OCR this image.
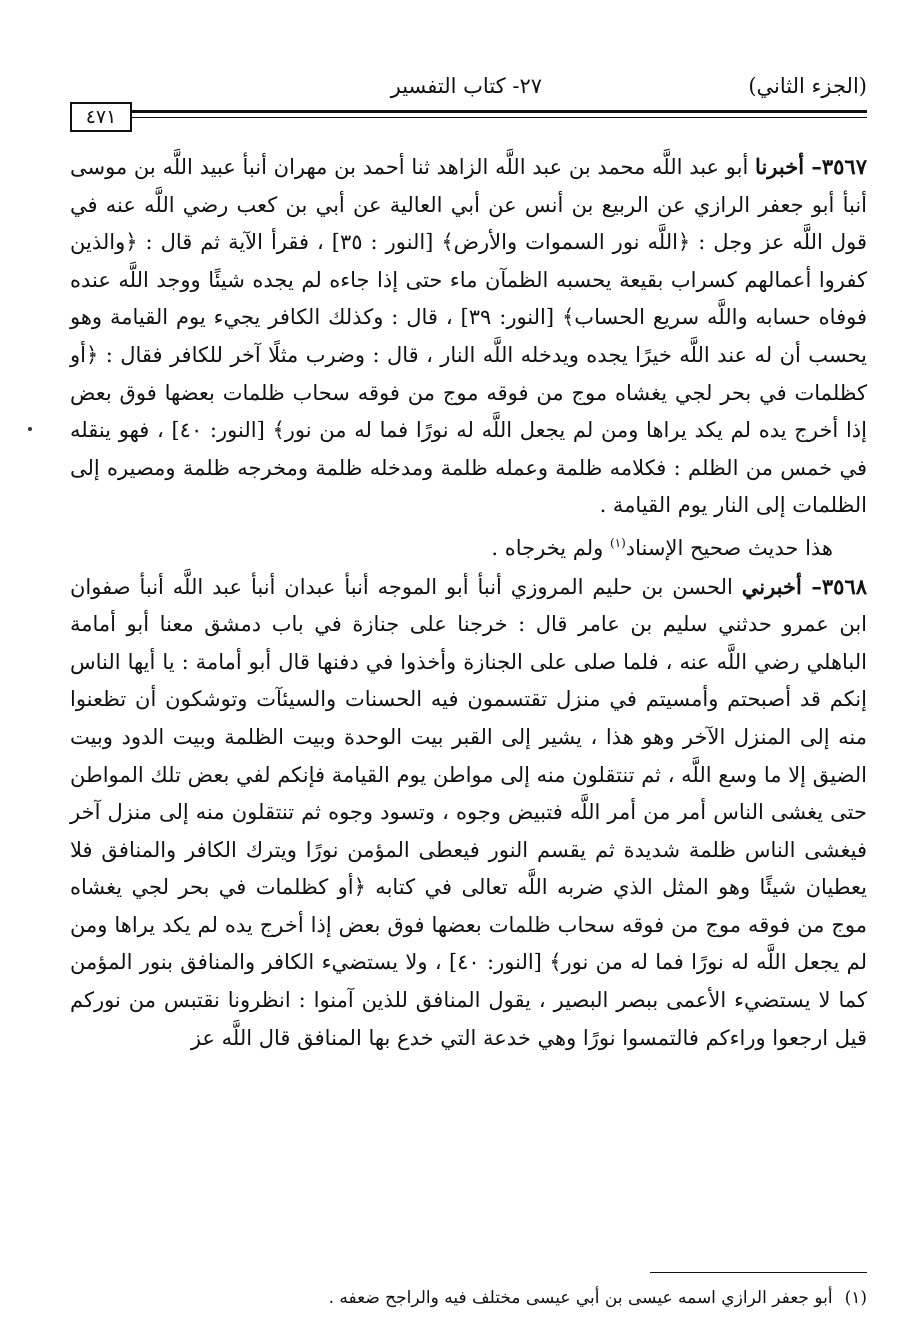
(الجزء الثاني)
٢٧- كتاب التفسير
٤٧١

٣٥٦٧– أخبرنا أبو عبد اللَّه محمد بن عبد اللَّه الزاهد ثنا أحمد بن مهران أنبأ عبيد اللَّه بن موسى أنبأ أبو جعفر الرازي عن الربيع بن أنس عن أبي العالية عن أبي بن كعب رضي اللَّه عنه في قول اللَّه عز وجل : ﴿اللَّه نور السموات والأرض﴾ [النور : ٣٥] ، فقرأ الآية ثم قال : ﴿والذين كفروا أعمالهم كسراب بقيعة يحسبه الظمآن ماء حتى إذا جاءه لم يجده شيئًا ووجد اللَّه عنده فوفاه حسابه واللَّه سريع الحساب﴾ [النور: ٣٩] ، قال : وكذلك الكافر يجيء يوم القيامة وهو يحسب أن له عند اللَّه خيرًا يجده ويدخله اللَّه النار ، قال : وضرب مثلًا آخر للكافر فقال : ﴿أو كظلمات في بحر لجي يغشاه موج من فوقه موج من فوقه سحاب ظلمات بعضها فوق بعض إذا أخرج يده لم يكد يراها ومن لم يجعل اللَّه له نورًا فما له من نور﴾ [النور: ٤٠] ، فهو ينقله في خمس من الظلم : فكلامه ظلمة وعمله ظلمة ومدخله ظلمة ومخرجه ظلمة ومصيره إلى الظلمات إلى النار يوم القيامة .

هذا حديث صحيح الإسناد$^{(١)}$ ولم يخرجاه .

٣٥٦٨– أخبرني الحسن بن حليم المروزي أنبأ أبو الموجه أنبأ عبدان أنبأ عبد اللَّه أنبأ صفوان ابن عمرو حدثني سليم بن عامر قال : خرجنا على جنازة في باب دمشق معنا أبو أمامة الباهلي رضي اللَّه عنه ، فلما صلى على الجنازة وأخذوا في دفنها قال أبو أمامة : يا أيها الناس إنكم قد أصبحتم وأمسيتم في منزل تقتسمون فيه الحسنات والسيئآت وتوشكون أن تظعنوا منه إلى المنزل الآخر وهو هذا ، يشير إلى القبر بيت الوحدة وبيت الظلمة وبيت الدود وبيت الضيق إلا ما وسع اللَّه ، ثم تنتقلون منه إلى مواطن يوم القيامة فإنكم لفي بعض تلك المواطن حتى يغشى الناس أمر من أمر اللَّه فتبيض وجوه ، وتسود وجوه ثم تنتقلون منه إلى منزل آخر فيغشى الناس ظلمة شديدة ثم يقسم النور فيعطى المؤمن نورًا ويترك الكافر والمنافق فلا يعطيان شيئًا وهو المثل الذي ضربه اللَّه تعالى في كتابه ﴿أو كظلمات في بحر لجي يغشاه موج من فوقه موج من فوقه سحاب ظلمات بعضها فوق بعض إذا أخرج يده لم يكد يراها ومن لم يجعل اللَّه له نورًا فما له من نور﴾ [النور: ٤٠] ، ولا يستضيء الكافر والمنافق بنور المؤمن كما لا يستضيء الأعمى ببصر البصير ، يقول المنافق للذين آمنوا : انظرونا نقتبس من نوركم قيل ارجعوا وراءكم فالتمسوا نورًا وهي خدعة التي خدع بها المنافق قال اللَّه عز

(١)أبو جعفر الرازي اسمه عيسى بن أبي عيسى مختلف فيه والراجح ضعفه .
